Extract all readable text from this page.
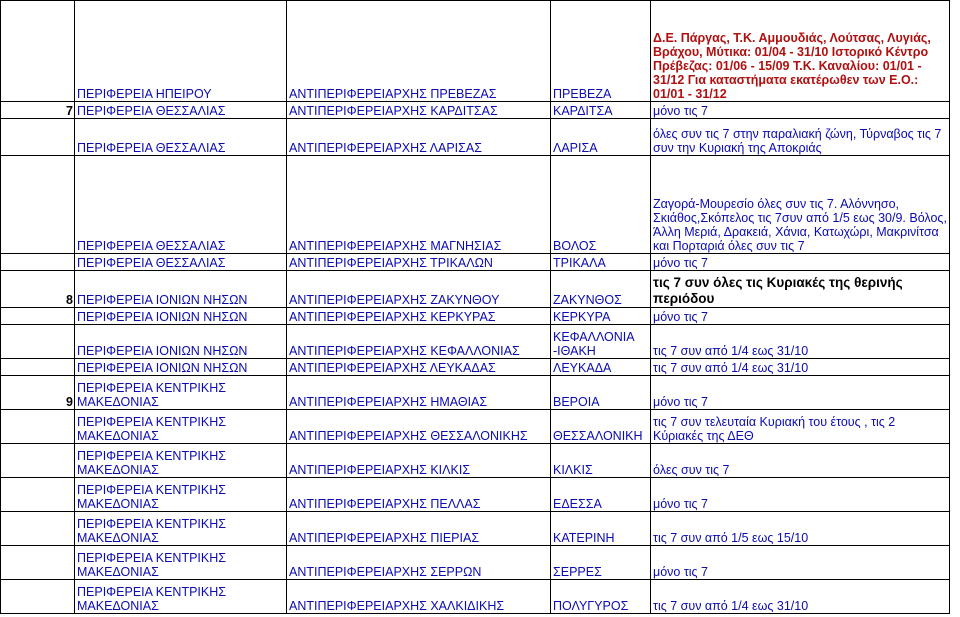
	ΠΕΡΙΦΕΡΕΙΑ ΗΠΕΙΡΟΥ	ΑΝΤΙΠΕΡΙΦΕΡΕΙΑΡΧΗΣ ΠΡΕΒΕΖΑΣ	ΠΡΕΒΕΖΑ	Δ.Ε. Πάργας, Τ.Κ. Αμμουδιάς, Λούτσας, Λυγιάς, Βράχου, Μύτικα: 01/04 - 31/10 Ιστορικό Κέντρο Πρέβεζας: 01/06 - 15/09 Τ.Κ. Καναλίου: 01/01 - 31/12 Για καταστήματα εκατέρωθεν των Ε.Ο.: 01/01 - 31/12
7	ΠΕΡΙΦΕΡΕΙΑ ΘΕΣΣΑΛΙΑΣ	ΑΝΤΙΠΕΡΙΦΕΡΕΙΑΡΧΗΣ ΚΑΡΔΙΤΣΑΣ	ΚΑΡΔΙΤΣΑ	μόνο τις 7
	ΠΕΡΙΦΕΡΕΙΑ ΘΕΣΣΑΛΙΑΣ	ΑΝΤΙΠΕΡΙΦΕΡΕΙΑΡΧΗΣ ΛΑΡΙΣΑΣ	ΛΑΡΙΣΑ	όλες συν τις 7 στην παραλιακή ζώνη, Τύρναβος τις 7 συν την Κυριακή της Αποκριάς
	ΠΕΡΙΦΕΡΕΙΑ ΘΕΣΣΑΛΙΑΣ	ΑΝΤΙΠΕΡΙΦΕΡΕΙΑΡΧΗΣ ΜΑΓΝΗΣΙΑΣ	ΒΟΛΟΣ	Ζαγορά-Μουρεσίο όλες συν τις 7. Αλόννησο, Σκιάθος,Σκόπελος τις 7συν από 1/5 εως 30/9. Βόλος, Άλλη Μεριά, Δρακειά, Χάνια, Κατωχώρι, Μακρινίτσα και Πορταριά όλες συν τις 7
	ΠΕΡΙΦΕΡΕΙΑ ΘΕΣΣΑΛΙΑΣ	ΑΝΤΙΠΕΡΙΦΕΡΕΙΑΡΧΗΣ ΤΡΙΚΑΛΩΝ	ΤΡΙΚΑΛΑ	μόνο τις 7
8	ΠΕΡΙΦΕΡΕΙΑ ΙΟΝΙΩΝ ΝΗΣΩΝ	ΑΝΤΙΠΕΡΙΦΕΡΕΙΑΡΧΗΣ ΖΑΚΥΝΘΟΥ	ΖΑΚΥΝΘΟΣ	τις 7 συν όλες τις Κυριακές της θερινής περιόδου
	ΠΕΡΙΦΕΡΕΙΑ ΙΟΝΙΩΝ ΝΗΣΩΝ	ΑΝΤΙΠΕΡΙΦΕΡΕΙΑΡΧΗΣ ΚΕΡΚΥΡΑΣ	ΚΕΡΚΥΡΑ	μόνο τις 7
	ΠΕΡΙΦΕΡΕΙΑ ΙΟΝΙΩΝ ΝΗΣΩΝ	ΑΝΤΙΠΕΡΙΦΕΡΕΙΑΡΧΗΣ ΚΕΦΑΛΛΟΝΙΑΣ	ΚΕΦΑΛΛΟΝΙΑ -ΙΘΑΚΗ	τις 7 συν από 1/4 εως 31/10
	ΠΕΡΙΦΕΡΕΙΑ ΙΟΝΙΩΝ ΝΗΣΩΝ	ΑΝΤΙΠΕΡΙΦΕΡΕΙΑΡΧΗΣ ΛΕΥΚΑΔΑΣ	ΛΕΥΚΑΔΑ	τις 7 συν από 1/4 εως 31/10
9	ΠΕΡΙΦΕΡΕΙΑ ΚΕΝΤΡΙΚΗΣ ΜΑΚΕΔΟΝΙΑΣ	ΑΝΤΙΠΕΡΙΦΕΡΕΙΑΡΧΗΣ ΗΜΑΘΙΑΣ	ΒΕΡΟΙΑ	μόνο τις 7
	ΠΕΡΙΦΕΡΕΙΑ ΚΕΝΤΡΙΚΗΣ ΜΑΚΕΔΟΝΙΑΣ	ΑΝΤΙΠΕΡΙΦΕΡΕΙΑΡΧΗΣ ΘΕΣΣΑΛΟΝΙΚΗΣ	ΘΕΣΣΑΛΟΝΙΚΗ	τις 7 συν τελευταία Κυριακή του έτους , τις 2 Κύριακές της ΔΕΘ
	ΠΕΡΙΦΕΡΕΙΑ ΚΕΝΤΡΙΚΗΣ ΜΑΚΕΔΟΝΙΑΣ	ΑΝΤΙΠΕΡΙΦΕΡΕΙΑΡΧΗΣ ΚΙΛΚΙΣ	ΚΙΛΚΙΣ	όλες συν τις 7
	ΠΕΡΙΦΕΡΕΙΑ ΚΕΝΤΡΙΚΗΣ ΜΑΚΕΔΟΝΙΑΣ	ΑΝΤΙΠΕΡΙΦΕΡΕΙΑΡΧΗΣ ΠΕΛΛΑΣ	ΕΔΕΣΣΑ	μόνο τις 7
	ΠΕΡΙΦΕΡΕΙΑ ΚΕΝΤΡΙΚΗΣ ΜΑΚΕΔΟΝΙΑΣ	ΑΝΤΙΠΕΡΙΦΕΡΕΙΑΡΧΗΣ ΠΙΕΡΙΑΣ	ΚΑΤΕΡΙΝΗ	τις 7 συν από 1/5 εως 15/10
	ΠΕΡΙΦΕΡΕΙΑ ΚΕΝΤΡΙΚΗΣ ΜΑΚΕΔΟΝΙΑΣ	ΑΝΤΙΠΕΡΙΦΕΡΕΙΑΡΧΗΣ ΣΕΡΡΩΝ	ΣΕΡΡΕΣ	μόνο τις 7
	ΠΕΡΙΦΕΡΕΙΑ ΚΕΝΤΡΙΚΗΣ ΜΑΚΕΔΟΝΙΑΣ	ΑΝΤΙΠΕΡΙΦΕΡΕΙΑΡΧΗΣ ΧΑΛΚΙΔΙΚΗΣ	ΠΟΛΥΓΥΡΟΣ	τις 7 συν από 1/4 εως 31/10
